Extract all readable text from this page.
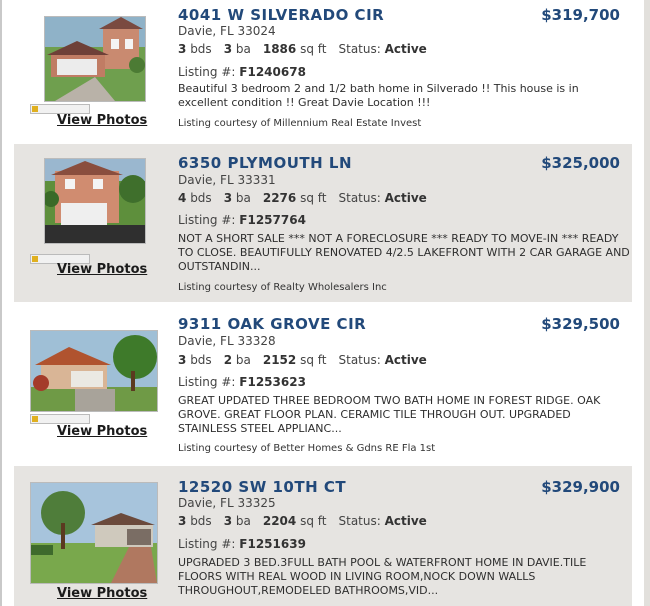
View Photos
4041 W SILVERADO CIR	$319,700
Davie, FL 33024
3 bds 3 ba 1886 sq ft Status: Active
Listing #: F1240678
Beautiful 3 bedroom 2 and 1/2 bath home in Silverado !! This house is in excellent condition !! Great Davie Location !!!
Listing courtesy of Millennium Real Estate Invest
View Photos
6350 PLYMOUTH LN	$325,000
Davie, FL 33331
4 bds 3 ba 2276 sq ft Status: Active
Listing #: F1257764
NOT A SHORT SALE *** NOT A FORECLOSURE *** READY TO MOVE-IN *** READY TO CLOSE. BEAUTIFULLY RENOVATED 4/2.5 LAKEFRONT WITH 2 CAR GARAGE AND OUTSTANDIN...
Listing courtesy of Realty Wholesalers Inc
View Photos
9311 OAK GROVE CIR	$329,500
Davie, FL 33328
3 bds 2 ba 2152 sq ft Status: Active
Listing #: F1253623
GREAT UPDATED THREE BEDROOM TWO BATH HOME IN FOREST RIDGE. OAK GROVE. GREAT FLOOR PLAN. CERAMIC TILE THROUGH OUT. UPGRADED STAINLESS STEEL APPLIANC...
Listing courtesy of Better Homes & Gdns RE Fla 1st
View Photos
12520 SW 10TH CT	$329,900
Davie, FL 33325
3 bds 3 ba 2204 sq ft Status: Active
Listing #: F1251639
UPGRADED 3 BED.3FULL BATH POOL & WATERFRONT HOME IN DAVIE.TILE FLOORS WITH REAL WOOD IN LIVING ROOM,NOCK DOWN WALLS THROUGHOUT,REMODELED BATHROOMS,VID...
